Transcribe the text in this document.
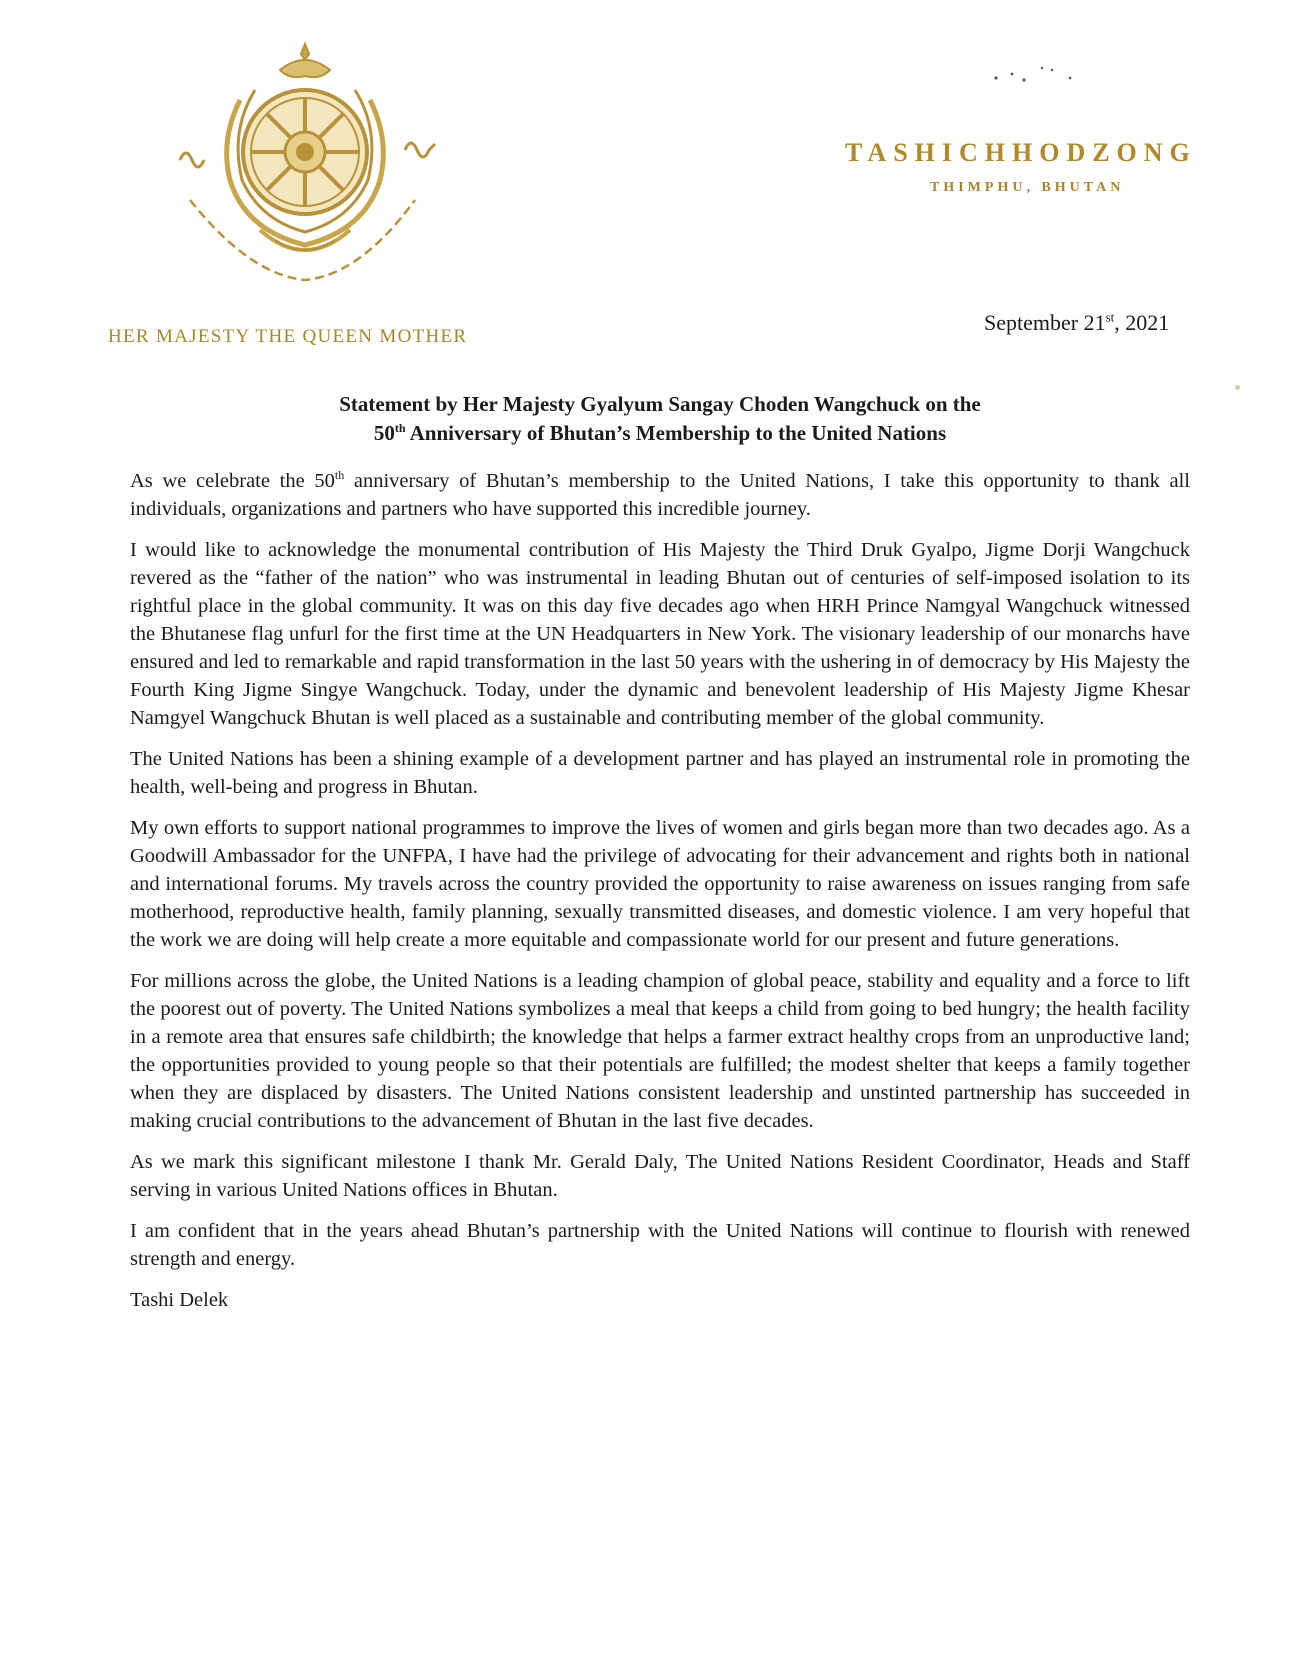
TASHICHHODZONG
THIMPHU, BHUTAN
HER MAJESTY THE QUEEN MOTHER
September 21st, 2021
Statement by Her Majesty Gyalyum Sangay Choden Wangchuck on the
50th Anniversary of Bhutan’s Membership to the United Nations

As we celebrate the 50th anniversary of Bhutan’s membership to the United Nations, I take this opportunity to thank all individuals, organizations and partners who have supported this incredible journey.

I would like to acknowledge the monumental contribution of His Majesty the Third Druk Gyalpo, Jigme Dorji Wangchuck revered as the “father of the nation” who was instrumental in leading Bhutan out of centuries of self-imposed isolation to its rightful place in the global community. It was on this day five decades ago when HRH Prince Namgyal Wangchuck witnessed the Bhutanese flag unfurl for the first time at the UN Headquarters in New York. The visionary leadership of our monarchs have ensured and led to remarkable and rapid transformation in the last 50 years with the ushering in of democracy by His Majesty the Fourth King Jigme Singye Wangchuck. Today, under the dynamic and benevolent leadership of His Majesty Jigme Khesar Namgyel Wangchuck Bhutan is well placed as a sustainable and contributing member of the global community.

The United Nations has been a shining example of a development partner and has played an instrumental role in promoting the health, well-being and progress in Bhutan.

My own efforts to support national programmes to improve the lives of women and girls began more than two decades ago. As a Goodwill Ambassador for the UNFPA, I have had the privilege of advocating for their advancement and rights both in national and international forums. My travels across the country provided the opportunity to raise awareness on issues ranging from safe motherhood, reproductive health, family planning, sexually transmitted diseases, and domestic violence. I am very hopeful that the work we are doing will help create a more equitable and compassionate world for our present and future generations.

For millions across the globe, the United Nations is a leading champion of global peace, stability and equality and a force to lift the poorest out of poverty. The United Nations symbolizes a meal that keeps a child from going to bed hungry; the health facility in a remote area that ensures safe childbirth; the knowledge that helps a farmer extract healthy crops from an unproductive land; the opportunities provided to young people so that their potentials are fulfilled; the modest shelter that keeps a family together when they are displaced by disasters. The United Nations consistent leadership and unstinted partnership has succeeded in making crucial contributions to the advancement of Bhutan in the last five decades.

As we mark this significant milestone I thank Mr. Gerald Daly, The United Nations Resident Coordinator, Heads and Staff serving in various United Nations offices in Bhutan.

I am confident that in the years ahead Bhutan’s partnership with the United Nations will continue to flourish with renewed strength and energy.

Tashi Delek
